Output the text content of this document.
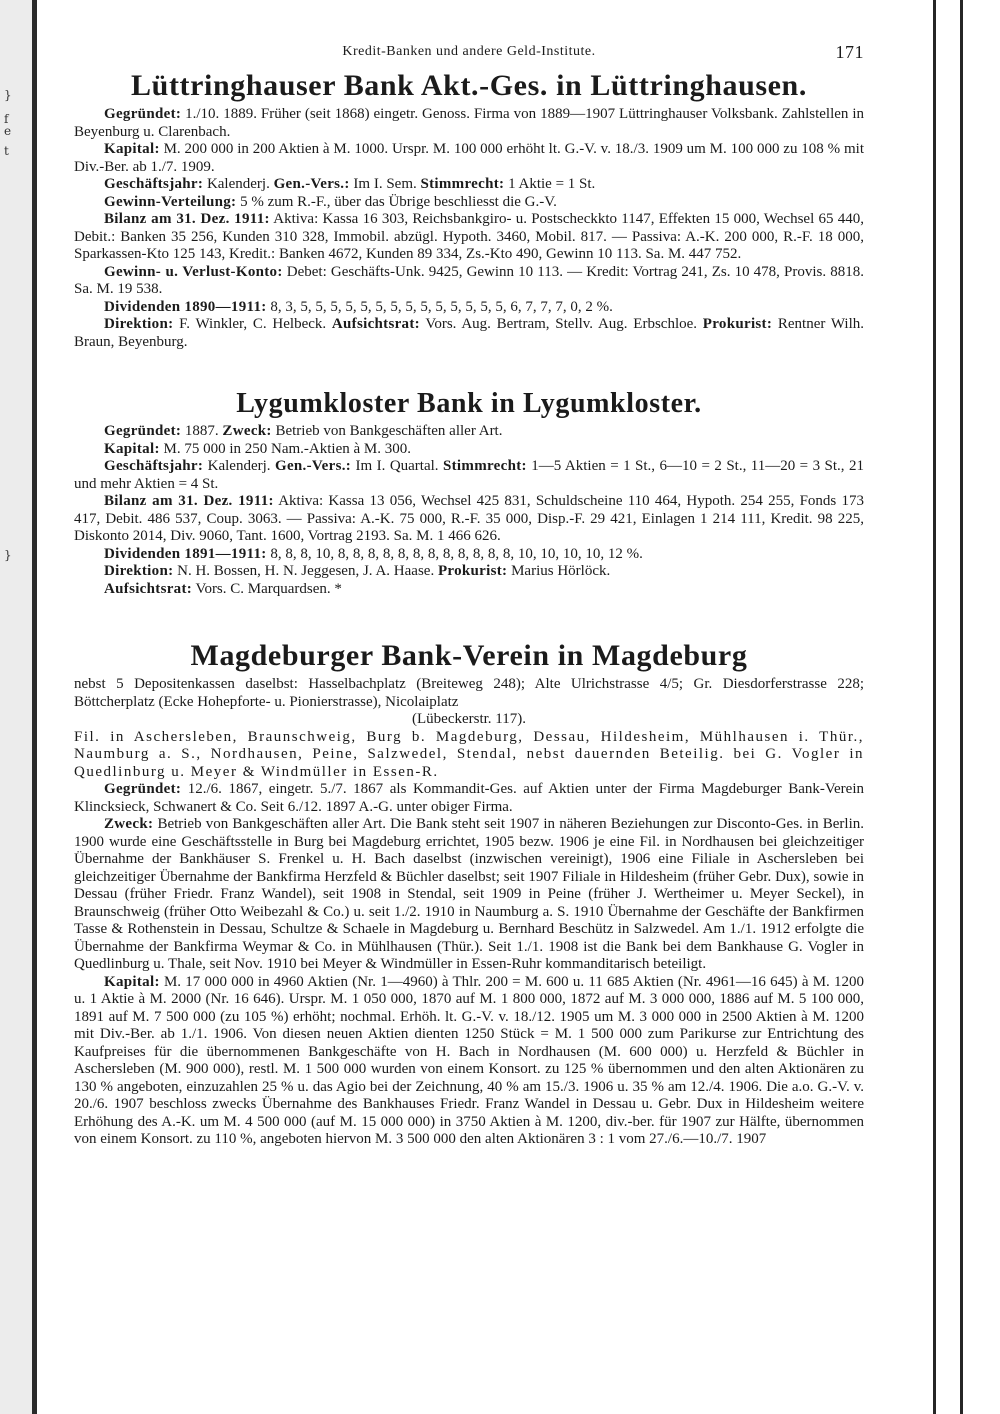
}
f
e
t
}
Kredit-Banken und andere Geld-Institute.	171
Lüttringhauser Bank Akt.-Ges. in Lüttringhausen.

Gegründet: 1./10. 1889. Früher (seit 1868) eingetr. Genoss. Firma von 1889—1907 Lüttringhauser Volksbank. Zahlstellen in Beyenburg u. Clarenbach.

Kapital: M. 200 000 in 200 Aktien à M. 1000. Urspr. M. 100 000 erhöht lt. G.-V. v. 18./3. 1909 um M. 100 000 zu 108 % mit Div.-Ber. ab 1./7. 1909.

Geschäftsjahr: Kalenderj. Gen.-Vers.: Im I. Sem. Stimmrecht: 1 Aktie = 1 St.

Gewinn-Verteilung: 5 % zum R.-F., über das Übrige beschliesst die G.-V.

Bilanz am 31. Dez. 1911: Aktiva: Kassa 16 303, Reichsbankgiro- u. Postscheckkto 1147, Effekten 15 000, Wechsel 65 440, Debit.: Banken 35 256, Kunden 310 328, Immobil. abzügl. Hypoth. 3460, Mobil. 817. — Passiva: A.-K. 200 000, R.-F. 18 000, Sparkassen-Kto 125 143, Kredit.: Banken 4672, Kunden 89 334, Zs.-Kto 490, Gewinn 10 113. Sa. M. 447 752.

Gewinn- u. Verlust-Konto: Debet: Geschäfts-Unk. 9425, Gewinn 10 113. — Kredit: Vortrag 241, Zs. 10 478, Provis. 8818. Sa. M. 19 538.

Dividenden 1890—1911: 8, 3, 5, 5, 5, 5, 5, 5, 5, 5, 5, 5, 5, 5, 5, 5, 6, 7, 7, 7, 0, 2 %.

Direktion: F. Winkler, C. Helbeck. Aufsichtsrat: Vors. Aug. Bertram, Stellv. Aug. Erbschloe. Prokurist: Rentner Wilh. Braun, Beyenburg.

Lygumkloster Bank in Lygumkloster.

Gegründet: 1887. Zweck: Betrieb von Bankgeschäften aller Art.

Kapital: M. 75 000 in 250 Nam.-Aktien à M. 300.

Geschäftsjahr: Kalenderj. Gen.-Vers.: Im I. Quartal. Stimmrecht: 1—5 Aktien = 1 St., 6—10 = 2 St., 11—20 = 3 St., 21 und mehr Aktien = 4 St.

Bilanz am 31. Dez. 1911: Aktiva: Kassa 13 056, Wechsel 425 831, Schuldscheine 110 464, Hypoth. 254 255, Fonds 173 417, Debit. 486 537, Coup. 3063. — Passiva: A.-K. 75 000, R.-F. 35 000, Disp.-F. 29 421, Einlagen 1 214 111, Kredit. 98 225, Diskonto 2014, Div. 9060, Tant. 1600, Vortrag 2193. Sa. M. 1 466 626.

Dividenden 1891—1911: 8, 8, 8, 10, 8, 8, 8, 8, 8, 8, 8, 8, 8, 8, 8, 8, 10, 10, 10, 10, 12 %.

Direktion: N. H. Bossen, H. N. Jeggesen, J. A. Haase. Prokurist: Marius Hörlöck.

Aufsichtsrat: Vors. C. Marquardsen. *

Magdeburger Bank-Verein in Magdeburg

nebst 5 Depositenkassen daselbst: Hasselbachplatz (Breiteweg 248); Alte Ulrichstrasse 4/5; Gr. Diesdorferstrasse 228; Böttcherplatz (Ecke Hohepforte- u. Pionierstrasse), Nicolaiplatz

(Lübeckerstr. 117).

Fil. in Aschersleben, Braunschweig, Burg b. Magdeburg, Dessau, Hildesheim, Mühlhausen i. Thür., Naumburg a. S., Nordhausen, Peine, Salzwedel, Stendal, nebst dauernden Beteilig. bei G. Vogler in Quedlinburg u. Meyer & Windmüller in Essen-R.

Gegründet: 12./6. 1867, eingetr. 5./7. 1867 als Kommandit-Ges. auf Aktien unter der Firma Magdeburger Bank-Verein Klincksieck, Schwanert & Co. Seit 6./12. 1897 A.-G. unter obiger Firma.

Zweck: Betrieb von Bankgeschäften aller Art. Die Bank steht seit 1907 in näheren Beziehungen zur Disconto-Ges. in Berlin. 1900 wurde eine Geschäftsstelle in Burg bei Magdeburg errichtet, 1905 bezw. 1906 je eine Fil. in Nordhausen bei gleichzeitiger Übernahme der Bankhäuser S. Frenkel u. H. Bach daselbst (inzwischen vereinigt), 1906 eine Filiale in Aschersleben bei gleichzeitiger Übernahme der Bankfirma Herzfeld & Büchler daselbst; seit 1907 Filiale in Hildesheim (früher Gebr. Dux), sowie in Dessau (früher Friedr. Franz Wandel), seit 1908 in Stendal, seit 1909 in Peine (früher J. Wertheimer u. Meyer Seckel), in Braunschweig (früher Otto Weibezahl & Co.) u. seit 1./2. 1910 in Naumburg a. S. 1910 Übernahme der Geschäfte der Bankfirmen Tasse & Rothenstein in Dessau, Schultze & Schaele in Magdeburg u. Bernhard Beschütz in Salzwedel. Am 1./1. 1912 erfolgte die Übernahme der Bankfirma Weymar & Co. in Mühlhausen (Thür.). Seit 1./1. 1908 ist die Bank bei dem Bankhause G. Vogler in Quedlinburg u. Thale, seit Nov. 1910 bei Meyer & Windmüller in Essen-Ruhr kommanditarisch beteiligt.

Kapital: M. 17 000 000 in 4960 Aktien (Nr. 1—4960) à Thlr. 200 = M. 600 u. 11 685 Aktien (Nr. 4961—16 645) à M. 1200 u. 1 Aktie à M. 2000 (Nr. 16 646). Urspr. M. 1 050 000, 1870 auf M. 1 800 000, 1872 auf M. 3 000 000, 1886 auf M. 5 100 000, 1891 auf M. 7 500 000 (zu 105 %) erhöht; nochmal. Erhöh. lt. G.-V. v. 18./12. 1905 um M. 3 000 000 in 2500 Aktien à M. 1200 mit Div.-Ber. ab 1./1. 1906. Von diesen neuen Aktien dienten 1250 Stück = M. 1 500 000 zum Parikurse zur Entrichtung des Kaufpreises für die übernommenen Bankgeschäfte von H. Bach in Nordhausen (M. 600 000) u. Herzfeld & Büchler in Aschersleben (M. 900 000), restl. M. 1 500 000 wurden von einem Konsort. zu 125 % übernommen und den alten Aktionären zu 130 % angeboten, einzuzahlen 25 % u. das Agio bei der Zeichnung, 40 % am 15./3. 1906 u. 35 % am 12./4. 1906. Die a.o. G.-V. v. 20./6. 1907 beschloss zwecks Übernahme des Bankhauses Friedr. Franz Wandel in Dessau u. Gebr. Dux in Hildesheim weitere Erhöhung des A.-K. um M. 4 500 000 (auf M. 15 000 000) in 3750 Aktien à M. 1200, div.-ber. für 1907 zur Hälfte, übernommen von einem Konsort. zu 110 %, angeboten hiervon M. 3 500 000 den alten Aktionären 3 : 1 vom 27./6.—10./7. 1907
